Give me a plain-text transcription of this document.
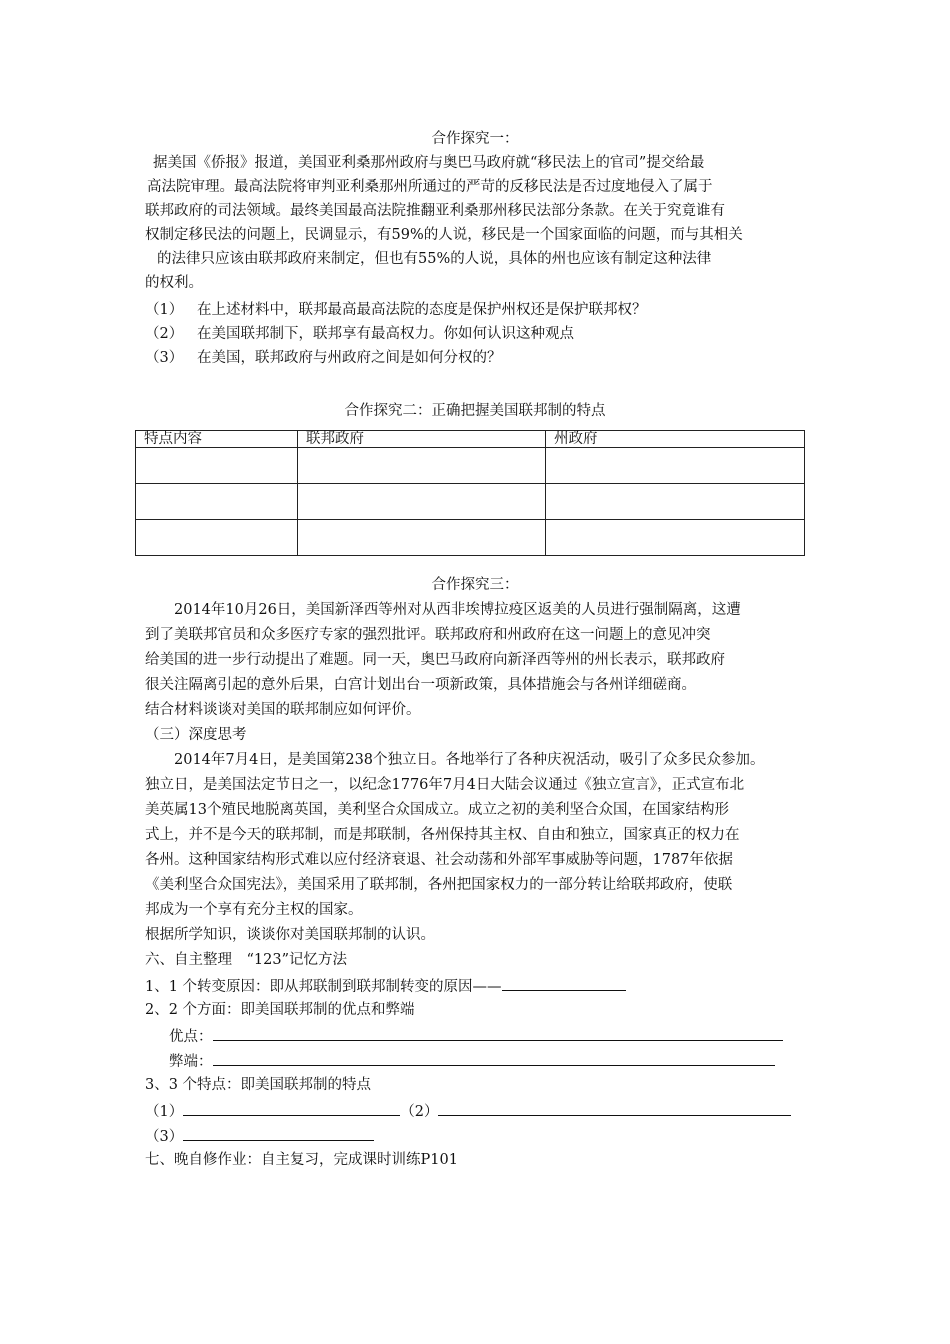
合作探究一：
据美国《侨报》报道，美国亚利桑那州政府与奥巴马政府就“移民法上的官司”提交给最
高法院审理。最高法院将审判亚利桑那州所通过的严苛的反移民法是否过度地侵入了属于
联邦政府的司法领域。最终美国最高法院推翻亚利桑那州移民法部分条款。在关于究竟谁有
权制定移民法的问题上，民调显示，有59%的人说，移民是一个国家面临的问题，而与其相关
的法律只应该由联邦政府来制定，但也有55%的人说，具体的州也应该有制定这种法律
的权利。
（1） 在上述材料中，联邦最高最高法院的态度是保护州权还是保护联邦权？
（2） 在美国联邦制下，联邦享有最高权力。你如何认识这种观点
（3） 在美国，联邦政府与州政府之间是如何分权的？
合作探究二：正确把握美国联邦制的特点
特点内容	联邦政府	州政府

合作探究三：
2014年10月26日，美国新泽西等州对从西非埃博拉疫区返美的人员进行强制隔离，这遭
到了美联邦官员和众多医疗专家的强烈批评。联邦政府和州政府在这一问题上的意见冲突
给美国的进一步行动提出了难题。同一天，奥巴马政府向新泽西等州的州长表示，联邦政府
很关注隔离引起的意外后果，白宫计划出台一项新政策，具体措施会与各州详细磋商。
结合材料谈谈对美国的联邦制应如何评价。
（三）深度思考
2014年7月4日，是美国第238个独立日。各地举行了各种庆祝活动，吸引了众多民众参加。
独立日，是美国法定节日之一，以纪念1776年7月4日大陆会议通过《独立宣言》，正式宣布北
美英属13个殖民地脱离英国，美利坚合众国成立。成立之初的美利坚合众国，在国家结构形
式上，并不是今天的联邦制，而是邦联制，各州保持其主权、自由和独立，国家真正的权力在
各州。这种国家结构形式难以应付经济衰退、社会动荡和外部军事威胁等问题，1787年依据
《美利坚合众国宪法》，美国采用了联邦制，各州把国家权力的一部分转让给联邦政府，使联
邦成为一个享有充分主权的国家。
根据所学知识，谈谈你对美国联邦制的认识。
六、自主整理　“123”记忆方法
1、1 个转变原因：即从邦联制到联邦制转变的原因——
2、2 个方面：即美国联邦制的优点和弊端
优点：
弊端：
3、3 个特点：即美国联邦制的特点
（1）	（2）
（3）
七、晚自修作业：自主复习，完成课时训练P101
